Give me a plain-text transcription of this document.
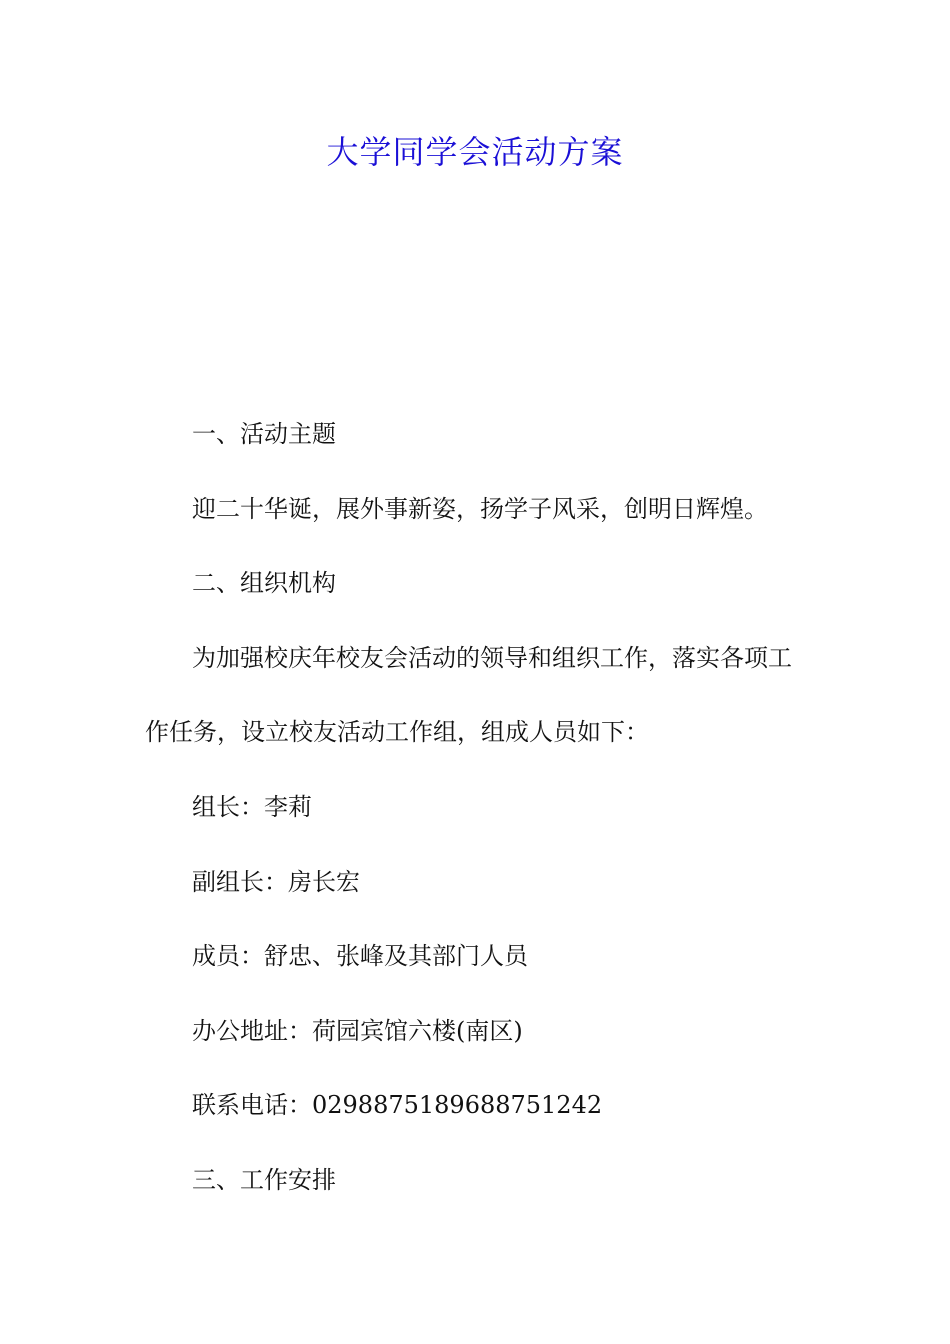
大学同学会活动方案
一、活动主题
迎二十华诞，展外事新姿，扬学子风采，创明日辉煌。
二、组织机构
为加强校庆年校友会活动的领导和组织工作，落实各项工
作任务，设立校友活动工作组，组成人员如下：
组长：李莉
副组长：房长宏
成员：舒忠、张峰及其部门人员
办公地址：荷园宾馆六楼(南区)
联系电话：0298875189688751242
三、工作安排
